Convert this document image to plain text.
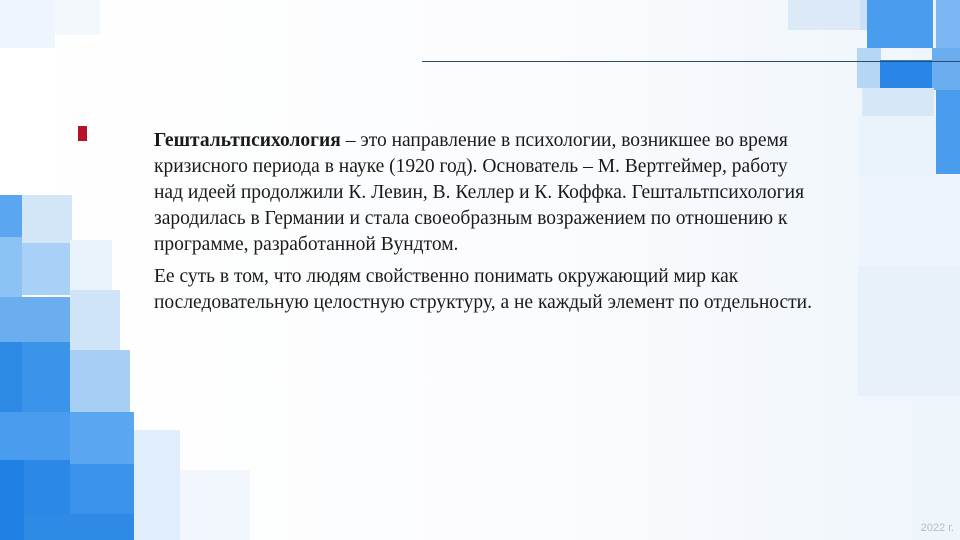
Гештальтпсихология – это направление в психологии, возникшее во время кризисного периода в науке (1920 год). Основатель – М. Вертгеймер, работу над идеей продолжили К. Левин, В. Келлер и К. Коффка. Гештальтпсихология зародилась в Германии и стала своеобразным возражением по отношению к программе, разработанной Вундтом.

Ее суть в том, что людям свойственно понимать окружающий мир как последовательную целостную структуру, а не каждый элемент по отдельности.

2022 г.
